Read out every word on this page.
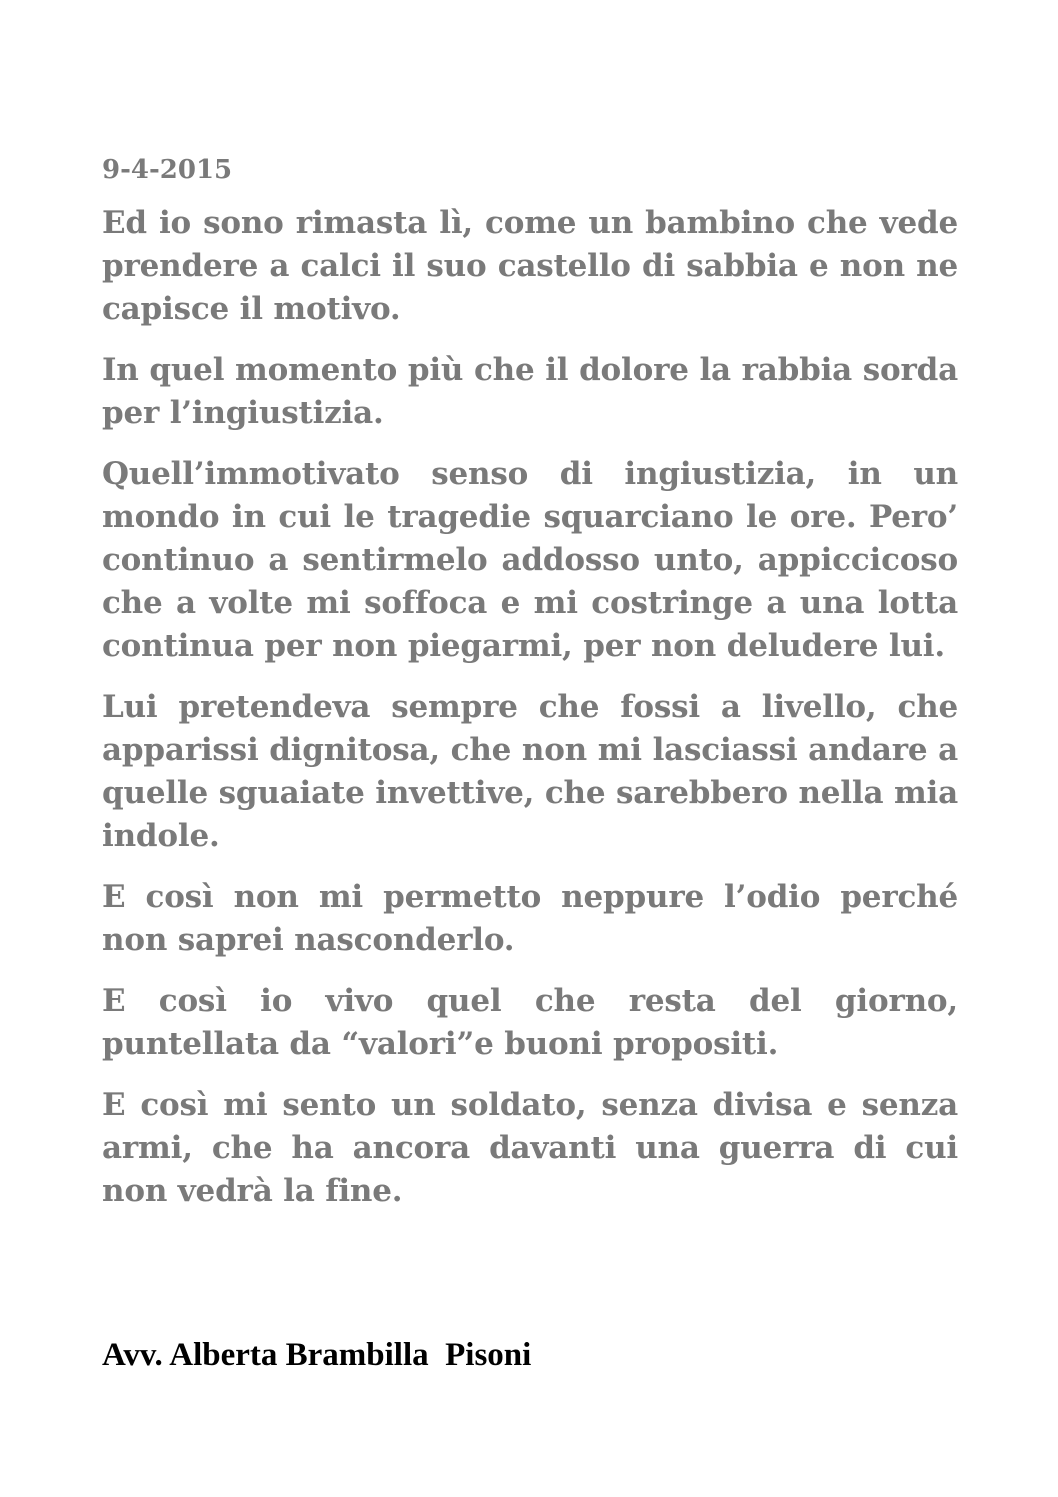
9-4-2015

Ed io sono rimasta lì, come un bambino che vede prendere a calci il suo castello di sabbia e non ne capisce il motivo.

In quel momento più che il dolore la rabbia sorda per l’ingiustizia.

Quell’immotivato senso di ingiustizia, in un mondo in cui le tragedie squarciano le ore. Pero’ continuo a sentirmelo addosso unto, appiccicoso che a volte mi soffoca e mi costringe a una lotta continua per non piegarmi, per non deludere lui.

Lui pretendeva sempre che fossi a livello, che apparissi dignitosa, che non mi lasciassi andare a quelle sguaiate invettive, che sarebbero nella mia indole.

E così non mi permetto neppure l’odio perché non saprei nasconderlo.

E così io vivo quel che resta del giorno, puntellata da “valori”e buoni propositi.

E così mi sento un soldato, senza divisa e senza armi, che ha ancora davanti una guerra di cui non vedrà la fine.

Avv. Alberta Brambilla  Pisoni
